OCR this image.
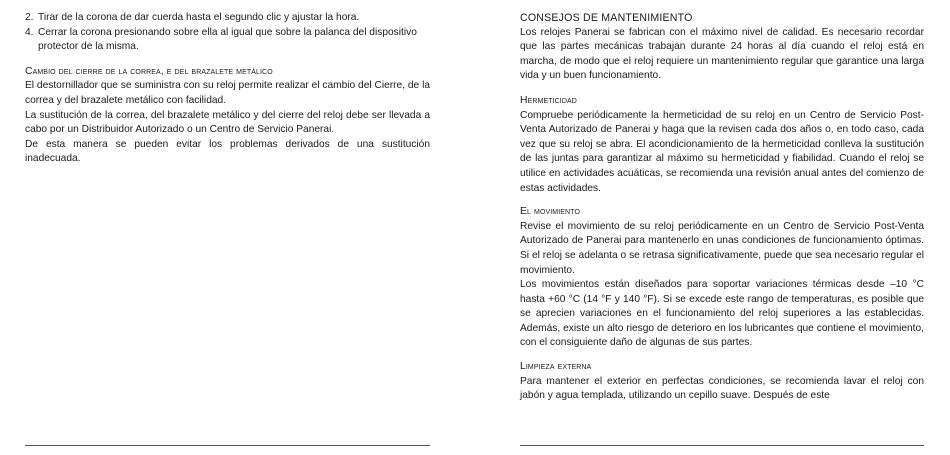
2. Tirar de la corona de dar cuerda hasta el segundo clic y ajustar la hora.
4. Cerrar la corona presionando sobre ella al igual que sobre la palanca del dispositivo protector de la misma.

Cambio del cierre de la correa, e del brazalete metálico

El destornillador que se suministra con su reloj permite realizar el cambio del Cierre, de la correa y del brazalete metálico con facilidad.

La sustitución de la correa, del brazalete metálico y del cierre del reloj debe ser llevada a cabo por un Distribuidor Autorizado o un Centro de Servicio Panerai.

De esta manera se pueden evitar los problemas derivados de una sustitución inadecuada.

CONSEJOS DE MANTENIMIENTO

Los relojes Panerai se fabrican con el máximo nivel de calidad. Es necesario recordar que las partes mecánicas trabajan durante 24 horas al día cuando el reloj está en marcha, de modo que el reloj requiere un mantenimiento regular que garantice una larga vida y un buen funcionamiento.

Hermeticidad

Compruebe periódicamente la hermeticidad de su reloj en un Centro de Servicio Post-Venta Autorizado de Panerai y haga que la revisen cada dos años o, en todo caso, cada vez que su reloj se abra. El acondicionamiento de la hermeticidad conlleva la sustitución de las juntas para garantizar al máximo su hermeticidad y fiabilidad. Cuando el reloj se utilice en actividades acuáticas, se recomienda una revisión anual antes del comienzo de estas actividades.

El movimiento

Revise el movimiento de su reloj periódicamente en un Centro de Servicio Post-Venta Autorizado de Panerai para mantenerlo en unas condiciones de funcionamiento óptimas. Si el reloj se adelanta o se retrasa significativamente, puede que sea necesario regular el movimiento.

Los movimientos están diseñados para soportar variaciones térmicas desde –10 °C hasta +60 °C (14 °F y 140 °F). Si se excede este rango de temperaturas, es posible que se aprecien variaciones en el funcionamiento del reloj superiores a las establecidas. Además, existe un alto riesgo de deterioro en los lubricantes que contiene el movimiento, con el consiguiente daño de algunas de sus partes.

Limpieza externa

Para mantener el exterior en perfectas condiciones, se recomienda lavar el reloj con jabón y agua templada, utilizando un cepillo suave. Después de este
